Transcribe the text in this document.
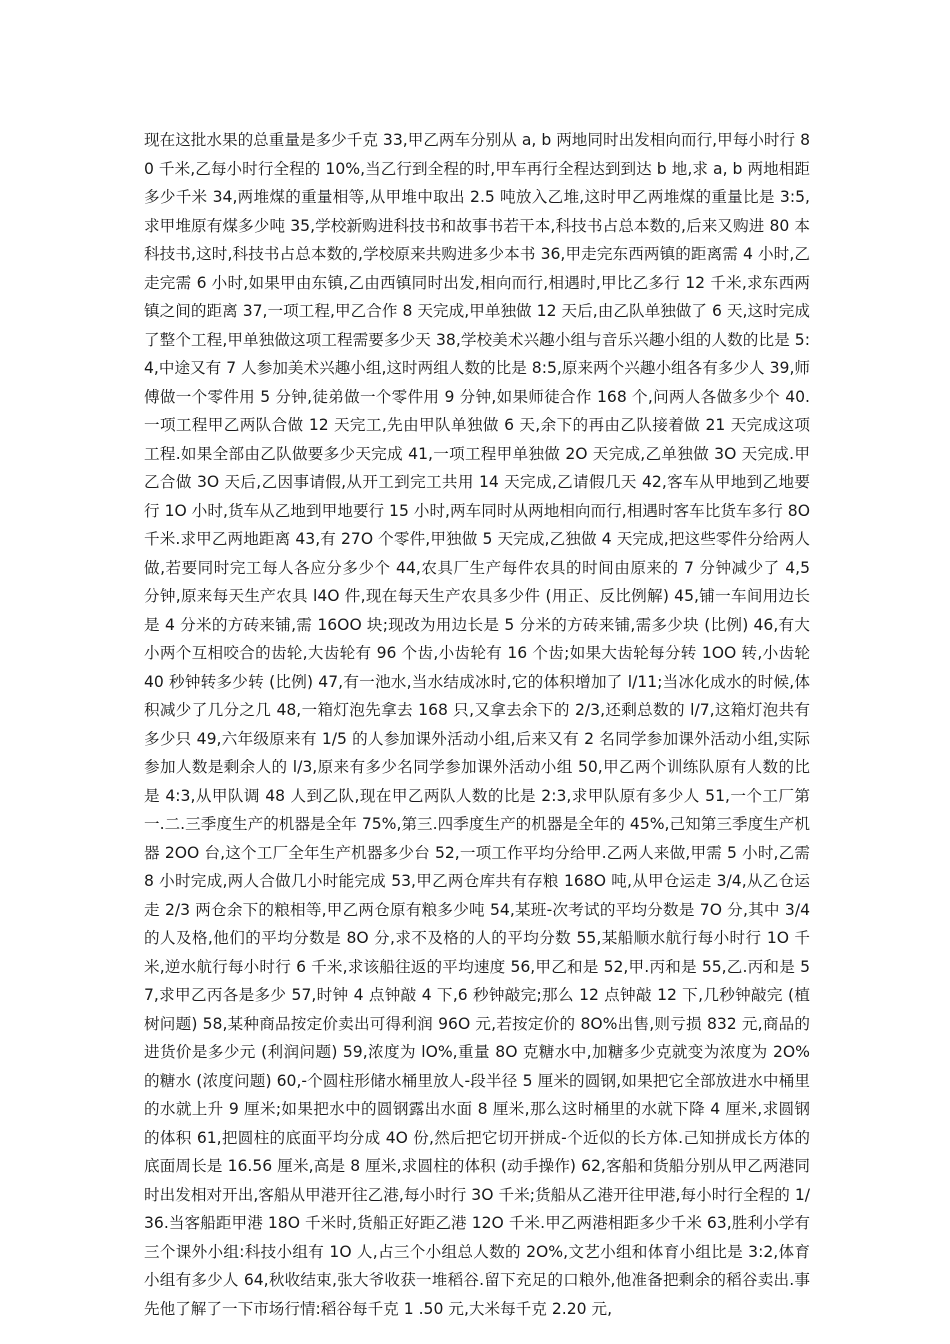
现在这批水果的总重量是多少千克 33,甲乙两车分别从 a, b 两地同时出发相向而行,甲每小时行 80 千米,乙每小时行全程的 10%,当乙行到全程的时,甲车再行全程达到到达 b 地,求 a, b 两地相距多少千米 34,两堆煤的重量相等,从甲堆中取出 2.5 吨放入乙堆,这时甲乙两堆煤的重量比是 3:5,求甲堆原有煤多少吨 35,学校新购进科技书和故事书若干本,科技书占总本数的,后来又购进 80 本科技书,这时,科技书占总本数的,学校原来共购进多少本书 36,甲走完东西两镇的距离需 4 小时,乙走完需 6 小时,如果甲由东镇,乙由西镇同时出发,相向而行,相遇时,甲比乙多行 12 千米,求东西两镇之间的距离 37,一项工程,甲乙合作 8 天完成,甲单独做 12 天后,由乙队单独做了 6 天,这时完成了整个工程,甲单独做这项工程需要多少天 38,学校美术兴趣小组与音乐兴趣小组的人数的比是 5:4,中途又有 7 人参加美术兴趣小组,这时两组人数的比是 8:5,原来两个兴趣小组各有多少人 39,师傅做一个零件用 5 分钟,徒弟做一个零件用 9 分钟,如果师徒合作 168 个,问两人各做多少个 40.一项工程甲乙两队合做 12 天完工,先由甲队单独做 6 天,余下的再由乙队接着做 21 天完成这项工程.如果全部由乙队做要多少天完成 41,一项工程甲单独做 2O 天完成,乙单独做 3O 天完成.甲乙合做 3O 天后,乙因事请假,从开工到完工共用 14 天完成,乙请假几天 42,客车从甲地到乙地要行 1O 小时,货车从乙地到甲地要行 15 小时,两车同时从两地相向而行,相遇时客车比货车多行 8O 千米.求甲乙两地距离 43,有 27O 个零件,甲独做 5 天完成,乙独做 4 天完成,把这些零件分给两人做,若要同时完工每人各应分多少个 44,农具厂生产每件农具的时间由原来的 7 分钟减少了 4,5 分钟,原来每天生产农具 l4O 件,现在每天生产农具多少件 (用正、反比例解) 45,铺一车间用边长是 4 分米的方砖来铺,需 16OO 块;现改为用边长是 5 分米的方砖来铺,需多少块 (比例) 46,有大小两个互相咬合的齿轮,大齿轮有 96 个齿,小齿轮有 16 个齿;如果大齿轮每分转 1OO 转,小齿轮 40 秒钟转多少转 (比例) 47,有一池水,当水结成冰时,它的体积增加了 l/11;当冰化成水的时候,体积减少了几分之几 48,一箱灯泡先拿去 168 只,又拿去余下的 2/3,还剩总数的 l/7,这箱灯泡共有多少只 49,六年级原来有 1/5 的人参加课外活动小组,后来又有 2 名同学参加课外活动小组,实际参加人数是剩余人的 l/3,原来有多少名同学参加课外活动小组 50,甲乙两个训练队原有人数的比是 4:3,从甲队调 48 人到乙队,现在甲乙两队人数的比是 2:3,求甲队原有多少人 51,一个工厂第一.二.三季度生产的机器是全年 75%,第三.四季度生产的机器是全年的 45%,己知第三季度生产机器 2OO 台,这个工厂全年生产机器多少台 52,一项工作平均分给甲.乙两人来做,甲需 5 小时,乙需 8 小时完成,两人合做几小时能完成 53,甲乙两仓库共有存粮 168O 吨,从甲仓运走 3/4,从乙仓运走 2/3 两仓余下的粮相等,甲乙两仓原有粮多少吨 54,某班-次考试的平均分数是 7O 分,其中 3/4 的人及格,他们的平均分数是 8O 分,求不及格的人的平均分数 55,某船顺水航行每小时行 1O 千米,逆水航行每小时行 6 千米,求该船往返的平均速度 56,甲乙和是 52,甲.丙和是 55,乙.丙和是 57,求甲乙丙各是多少 57,时钟 4 点钟敲 4 下,6 秒钟敲完;那么 12 点钟敲 12 下,几秒钟敲完 (植树问题) 58,某种商品按定价卖出可得利润 96O 元,若按定价的 8O%出售,则亏损 832 元,商品的进货价是多少元 (利润问题) 59,浓度为 lO%,重量 8O 克糖水中,加糖多少克就变为浓度为 2O%的糖水 (浓度问题) 60,-个圆柱形储水桶里放人-段半径 5 厘米的圆钢,如果把它全部放进水中桶里的水就上升 9 厘米;如果把水中的圆钢露出水面 8 厘米,那么这时桶里的水就下降 4 厘米,求圆钢的体积 61,把圆柱的底面平均分成 4O 份,然后把它切开拼成-个近似的长方体.己知拼成长方体的底面周长是 16.56 厘米,高是 8 厘米,求圆柱的体积 (动手操作) 62,客船和货船分别从甲乙两港同时出发相对开出,客船从甲港开往乙港,每小时行 3O 千米;货船从乙港开往甲港,每小时行全程的 1/36.当客船距甲港 18O 千米时,货船正好距乙港 12O 千米.甲乙两港相距多少千米 63,胜利小学有三个课外小组:科技小组有 1O 人,占三个小组总人数的 2O%,文艺小组和体育小组比是 3:2,体育小组有多少人 64,秋收结束,张大爷收获一堆稻谷.留下充足的口粮外,他准备把剩余的稻谷卖出.事先他了解了一下市场行情:稻谷每千克 1 .50 元,大米每千克 2.20 元,
